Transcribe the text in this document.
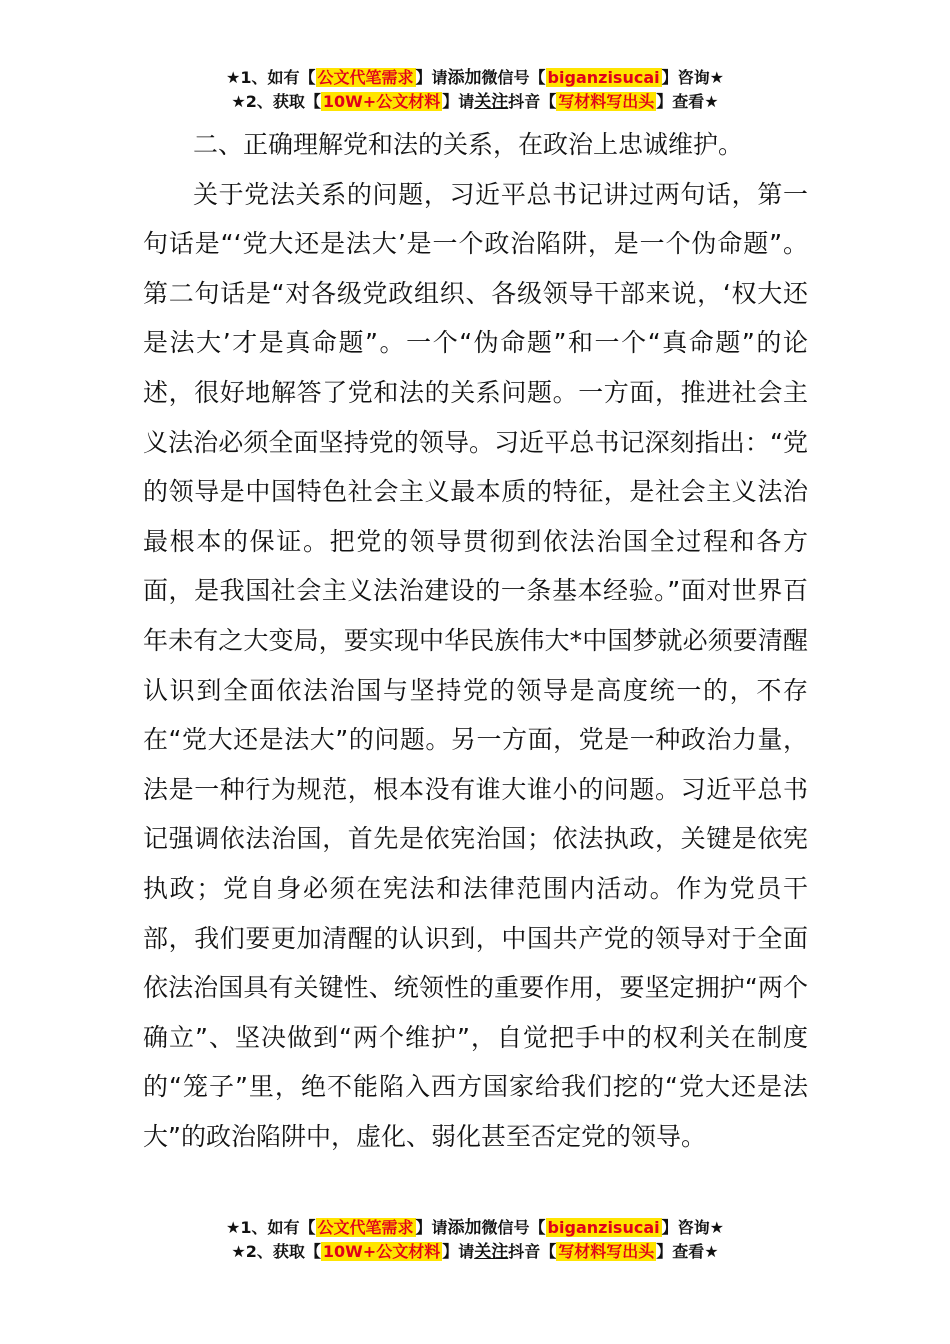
★1、如有【 公文代笔需求 】请添加微信号【 biganzisucai 】咨询★
★2、获取【 10W+公文材料 】请关注抖音【 写材料写出头 】查看★

二、正确理解党和法的关系，在政治上忠诚维护。

关于党法关系的问题，习近平总书记讲过两句话，第一句话是“‘党大还是法大’是一个政治陷阱，是一个伪命题”。第二句话是“对各级党政组织、各级领导干部来说，‘权大还是法大’才是真命题”。一个“伪命题”和一个“真命题”的论述，很好地解答了党和法的关系问题。一方面，推进社会主义法治必须全面坚持党的领导。习近平总书记深刻指出：“党的领导是中国特色社会主义最本质的特征，是社会主义法治最根本的保证。把党的领导贯彻到依法治国全过程和各方面，是我国社会主义法治建设的一条基本经验。”面对世界百年未有之大变局，要实现中华民族伟大*中国梦就必须要清醒认识到全面依法治国与坚持党的领导是高度统一的，不存在“党大还是法大”的问题。另一方面，党是一种政治力量，法是一种行为规范，根本没有谁大谁小的问题。习近平总书记强调依法治国，首先是依宪治国；依法执政，关键是依宪执政；党自身必须在宪法和法律范围内活动。作为党员干部，我们要更加清醒的认识到，中国共产党的领导对于全面依法治国具有关键性、统领性的重要作用，要坚定拥护“两个确立”、坚决做到“两个维护”，自觉把手中的权利关在制度的“笼子”里，绝不能陷入西方国家给我们挖的“党大还是法大”的政治陷阱中，虚化、弱化甚至否定党的领导。

★1、如有【 公文代笔需求 】请添加微信号【 biganzisucai 】咨询★
★2、获取【 10W+公文材料 】请关注抖音【 写材料写出头 】查看★
